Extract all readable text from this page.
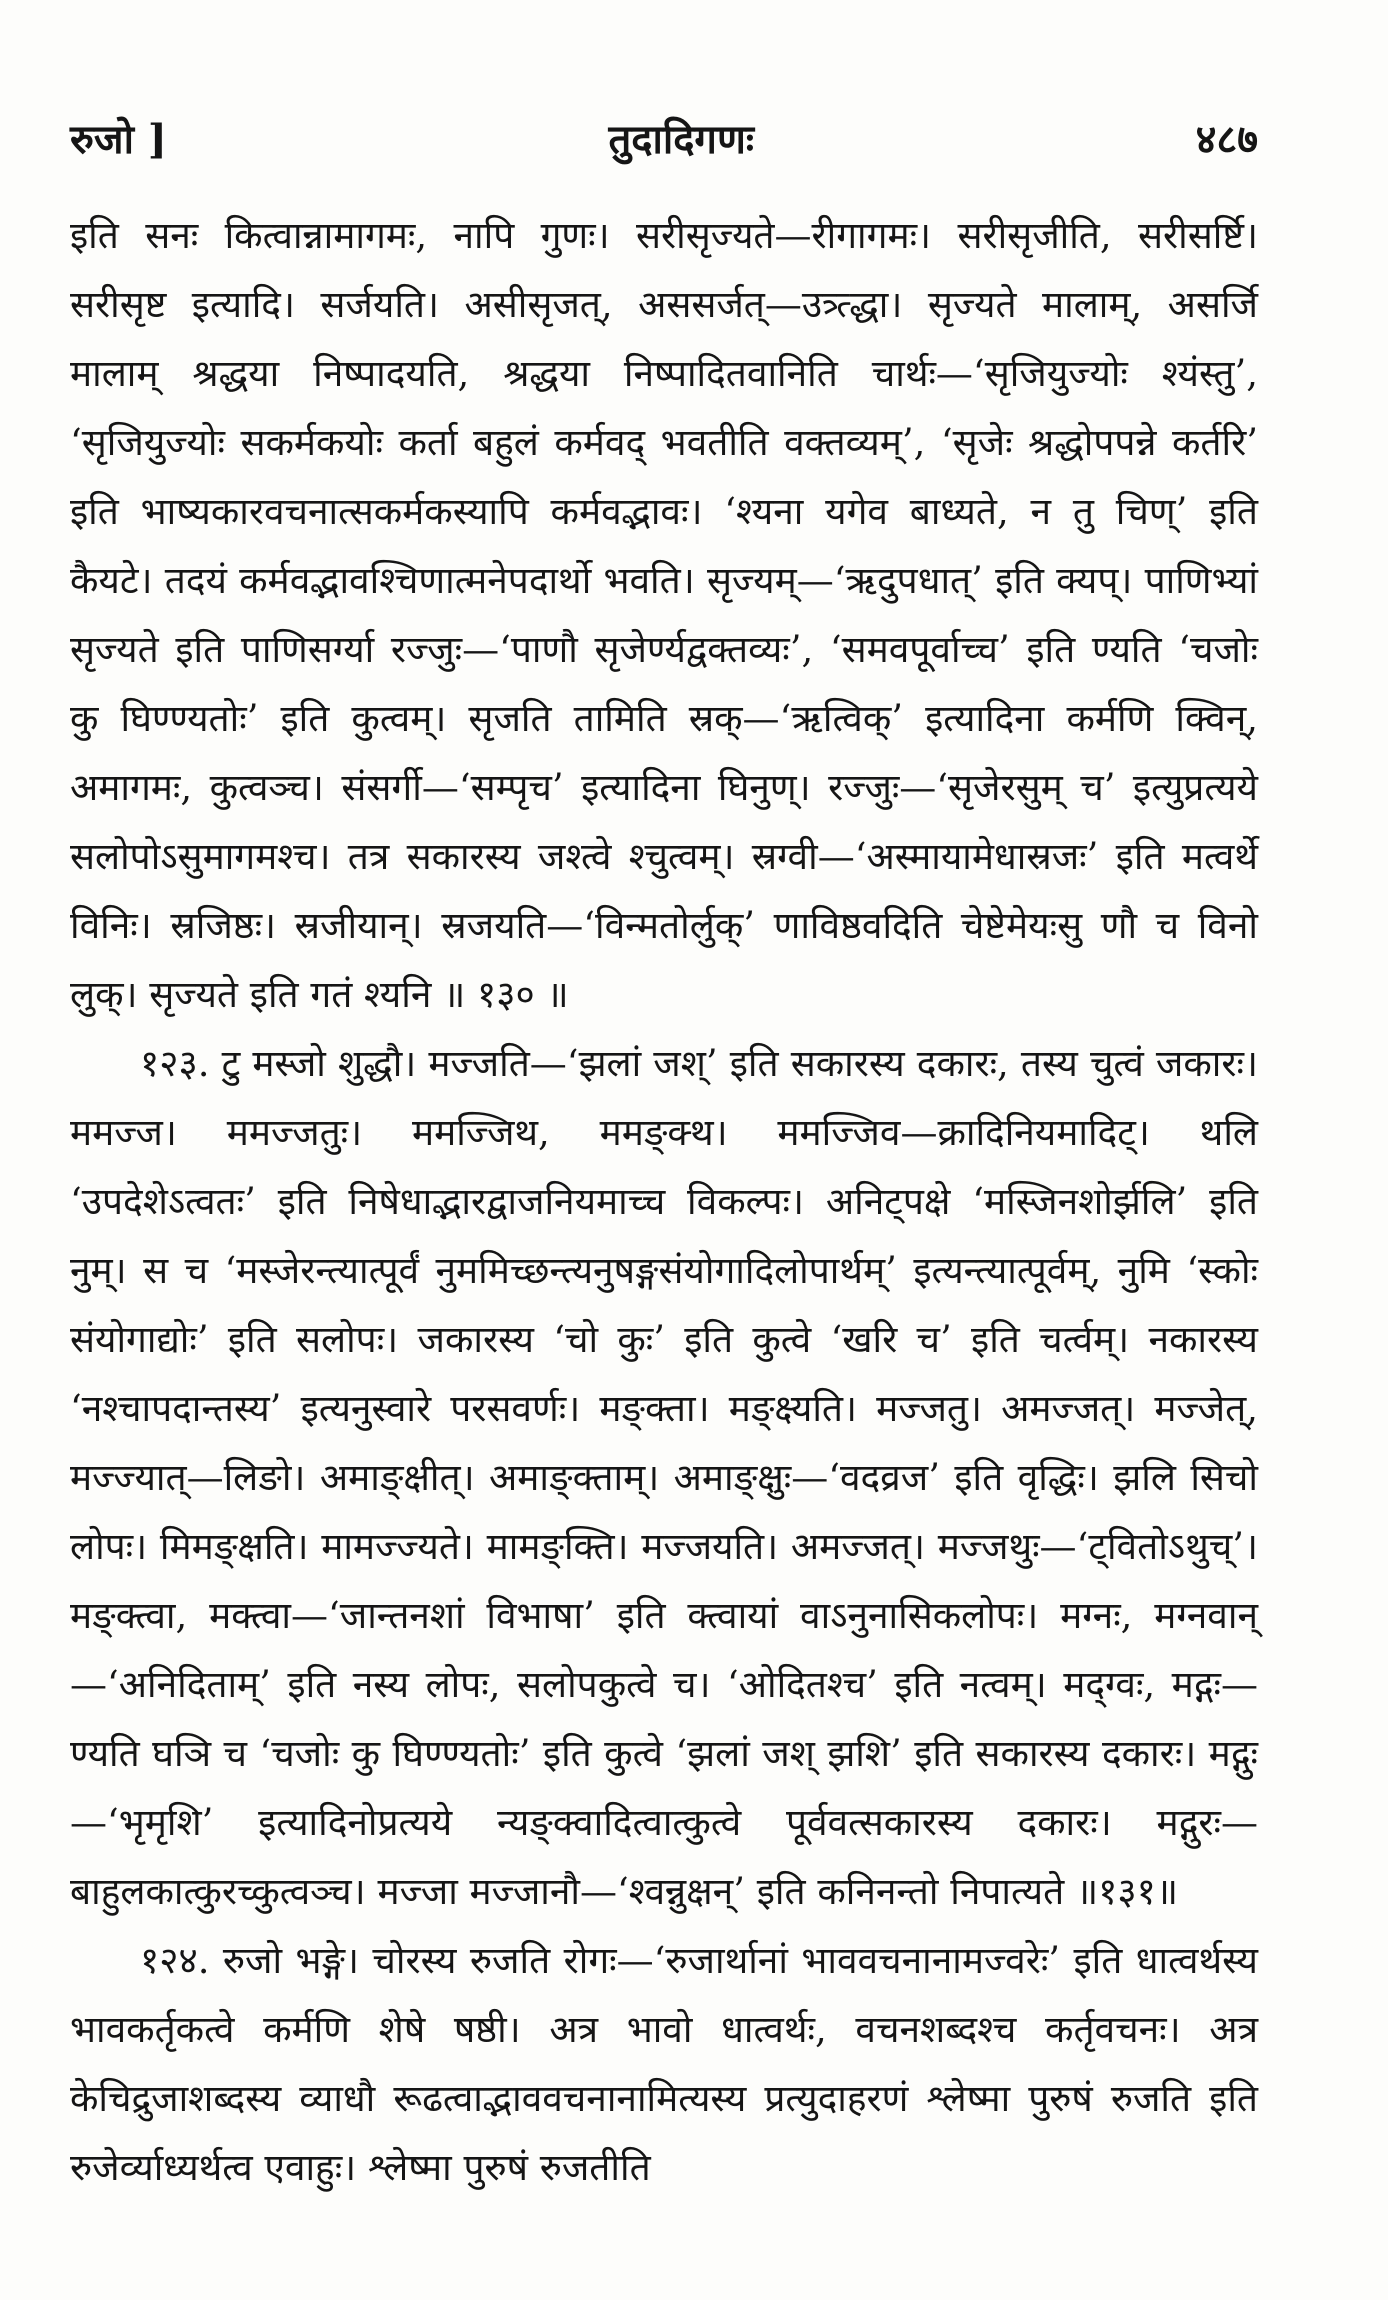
रुजो ]	तुदादिगणः	४८७

इति सनः कित्वान्नामागमः, नापि गुणः। सरीसृज्यते—रीगागमः। सरीसृजीति, सरीसर्ष्टि। सरीसृष्ट इत्यादि। सर्जयति। असीसृजत्, अससर्जत्—उत्र्त्द्धा। सृज्यते मालाम्, असर्जि मालाम् श्रद्धया निष्पादयति, श्रद्धया निष्पादितवानिति चार्थः—‘सृजियुज्योः श्यंस्तु’, ‘सृजियुज्योः सकर्मकयोः कर्ता बहुलं कर्मवद् भवतीति वक्तव्यम्’, ‘सृजेः श्रद्धोपपन्ने कर्तरि’ इति भाष्यकारवचनात्सकर्मकस्यापि कर्मवद्भावः। ‘श्यना यगेव बाध्यते, न तु चिण्’ इति कैयटे। तदयं कर्मवद्भावश्चिणात्मनेपदार्थो भवति। सृज्यम्—‘ऋदुपधात्’ इति क्यप्। पाणिभ्यां सृज्यते इति पाणिसर्ग्या रज्जुः—‘पाणौ सृजेर्ण्यद्वक्तव्यः’, ‘समवपूर्वाच्च’ इति ण्यति ‘चजोः कु घिण्ण्यतोः’ इति कुत्वम्। सृजति तामिति स्रक्—‘ऋत्विक्’ इत्यादिना कर्मणि क्विन्, अमागमः, कुत्वञ्च। संसर्गी—‘सम्पृच’ इत्यादिना घिनुण्। रज्जुः—‘सृजेरसुम् च’ इत्युप्रत्यये सलोपोऽसुमागमश्च। तत्र सकारस्य जश्त्वे श्चुत्वम्। स्रग्वी—‘अस्मायामेधास्रजः’ इति मत्वर्थे विनिः। स्रजिष्ठः। स्रजीयान्। स्रजयति—‘विन्मतोर्लुक्’ णाविष्ठवदिति चेष्टेमेयःसु णौ च विनो लुक्। सृज्यते इति गतं श्यनि ॥ १३० ॥

१२३. टु मस्जो शुद्धौ। मज्जति—‘झलां जश्’ इति सकारस्य दकारः, तस्य चुत्वं जकारः। ममज्ज। ममज्जतुः। ममज्जिथ, ममङ्क्थ। ममज्जिव—क्रादिनियमादिट्। थलि ‘उपदेशेऽत्वतः’ इति निषेधाद्भारद्वाजनियमाच्च विकल्पः। अनिट्पक्षे ‘मस्जिनशोर्झलि’ इति नुम्। स च ‘मस्जेरन्त्यात्पूर्वं नुममिच्छन्त्यनुषङ्गसंयोगादिलोपार्थम्’ इत्यन्त्यात्पूर्वम्, नुमि ‘स्कोः संयोगाद्योः’ इति सलोपः। जकारस्य ‘चो कुः’ इति कुत्वे ‘खरि च’ इति चर्त्वम्। नकारस्य ‘नश्चापदान्तस्य’ इत्यनुस्वारे परसवर्णः। मङ्क्ता। मङ्क्ष्यति। मज्जतु। अमज्जत्। मज्जेत्, मज्ज्यात्—लिङो। अमाङ्क्षीत्। अमाङ्क्ताम्। अमाङ्क्षुः—‘वदव्रज’ इति वृद्धिः। झलि सिचो लोपः। मिमङ्क्षति। मामज्ज्यते। मामङ्क्ति। मज्जयति। अमज्जत्। मज्जथुः—‘ट्वितोऽथुच्’। मङ्क्त्वा, मक्त्वा—‘जान्तनशां विभाषा’ इति क्त्वायां वाऽनुनासिकलोपः। मग्नः, मग्नवान्—‘अनिदिताम्’ इति नस्य लोपः, सलोपकुत्वे च। ‘ओदितश्च’ इति नत्वम्। मद्ग्वः, मद्गः—ण्यति घञि च ‘चजोः कु घिण्ण्यतोः’ इति कुत्वे ‘झलां जश् झशि’ इति सकारस्य दकारः। मद्गुः—‘भृमृशि’ इत्यादिनोप्रत्यये न्यङ्क्वादित्वात्कुत्वे पूर्ववत्सकारस्य दकारः। मद्गुरः—बाहुलकात्कुरच्कुत्वञ्च। मज्जा मज्जानौ—‘श्वन्नुक्षन्’ इति कनिनन्तो निपात्यते ॥१३१॥

१२४. रुजो भङ्गे। चोरस्य रुजति रोगः—‘रुजार्थानां भाववचनानामज्वरेः’ इति धात्वर्थस्य भावकर्तृकत्वे कर्मणि शेषे षष्ठी। अत्र भावो धात्वर्थः, वचनशब्दश्च कर्तृवचनः। अत्र केचिद्रुजाशब्दस्य व्याधौ रूढत्वाद्भाववचनानामित्यस्य प्रत्युदाहरणं श्लेष्मा पुरुषं रुजति इति रुजेर्व्याध्यर्थत्व एवाहुः। श्लेष्मा पुरुषं रुजतीति
